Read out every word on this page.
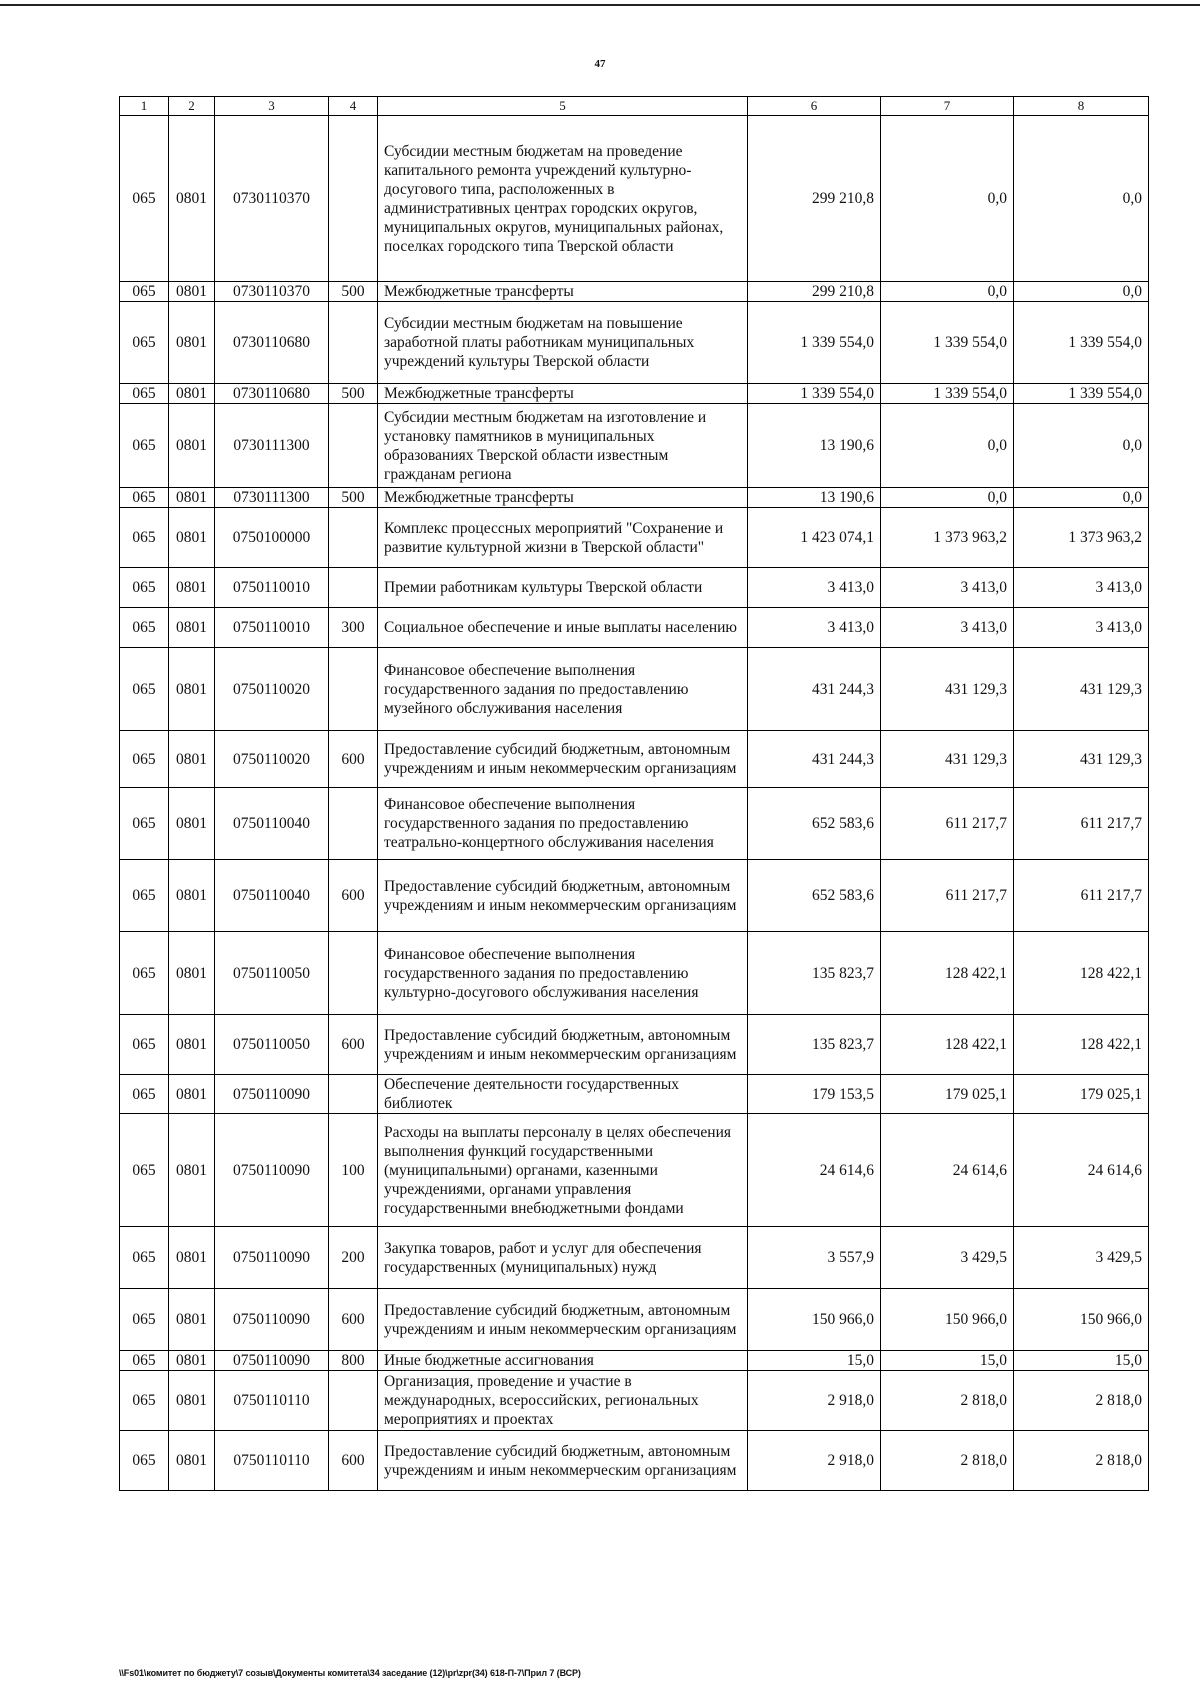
47
1	2	3	4	5	6	7	8
065	0801	0730110370		Субсидии местным бюджетам на проведение капитального ремонта учреждений культурно-досугового типа, расположенных в административных центрах городских округов, муниципальных округов, муниципальных районах, поселках городского типа Тверской области	299 210,8	0,0	0,0
065	0801	0730110370	500	Межбюджетные трансферты	299 210,8	0,0	0,0
065	0801	0730110680		Субсидии местным бюджетам на повышение заработной платы работникам муниципальных учреждений культуры Тверской области	1 339 554,0	1 339 554,0	1 339 554,0
065	0801	0730110680	500	Межбюджетные трансферты	1 339 554,0	1 339 554,0	1 339 554,0
065	0801	0730111300		Субсидии местным бюджетам на изготовление и установку памятников в муниципальных образованиях Тверской области известным гражданам региона	13 190,6	0,0	0,0
065	0801	0730111300	500	Межбюджетные трансферты	13 190,6	0,0	0,0
065	0801	0750100000		Комплекс процессных мероприятий "Сохранение и развитие культурной жизни в Тверской области"	1 423 074,1	1 373 963,2	1 373 963,2
065	0801	0750110010		Премии работникам культуры Тверской области	3 413,0	3 413,0	3 413,0
065	0801	0750110010	300	Социальное обеспечение и иные выплаты населению	3 413,0	3 413,0	3 413,0
065	0801	0750110020		Финансовое обеспечение выполнения государственного задания по предоставлению музейного обслуживания населения	431 244,3	431 129,3	431 129,3
065	0801	0750110020	600	Предоставление субсидий бюджетным, автономным учреждениям и иным некоммерческим организациям	431 244,3	431 129,3	431 129,3
065	0801	0750110040		Финансовое обеспечение выполнения государственного задания по предоставлению театрально-концертного обслуживания населения	652 583,6	611 217,7	611 217,7
065	0801	0750110040	600	Предоставление субсидий бюджетным, автономным учреждениям и иным некоммерческим организациям	652 583,6	611 217,7	611 217,7
065	0801	0750110050		Финансовое обеспечение выполнения государственного задания по предоставлению культурно-досугового обслуживания населения	135 823,7	128 422,1	128 422,1
065	0801	0750110050	600	Предоставление субсидий бюджетным, автономным учреждениям и иным некоммерческим организациям	135 823,7	128 422,1	128 422,1
065	0801	0750110090		Обеспечение деятельности государственных библиотек	179 153,5	179 025,1	179 025,1
065	0801	0750110090	100	Расходы на выплаты персоналу в целях обеспечения выполнения функций государственными (муниципальными) органами, казенными учреждениями, органами управления государственными внебюджетными фондами	24 614,6	24 614,6	24 614,6
065	0801	0750110090	200	Закупка товаров, работ и услуг для обеспечения государственных (муниципальных) нужд	3 557,9	3 429,5	3 429,5
065	0801	0750110090	600	Предоставление субсидий бюджетным, автономным учреждениям и иным некоммерческим организациям	150 966,0	150 966,0	150 966,0
065	0801	0750110090	800	Иные бюджетные ассигнования	15,0	15,0	15,0
065	0801	0750110110		Организация, проведение и участие в международных, всероссийских, региональных мероприятиях и проектах	2 918,0	2 818,0	2 818,0
065	0801	0750110110	600	Предоставление субсидий бюджетным, автономным учреждениям и иным некоммерческим организациям	2 918,0	2 818,0	2 818,0
\\Fs01\комитет по бюджету\7 созыв\Документы комитета\34 заседание (12)\pr\zpr(34) 618-П-7\Прил 7 (ВСР)
